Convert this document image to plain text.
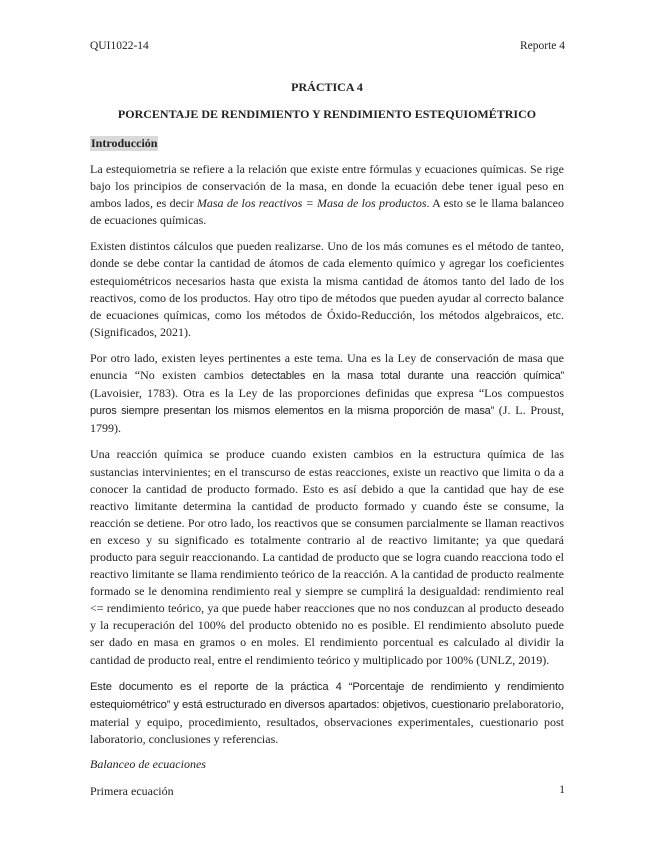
QUI1022-14	Reporte 4
PRÁCTICA 4
PORCENTAJE DE RENDIMIENTO Y RENDIMIENTO ESTEQUIOMÉTRICO
Introducción

La estequiometria se refiere a la relación que existe entre fórmulas y ecuaciones químicas. Se rige bajo los principios de conservación de la masa, en donde la ecuación debe tener igual peso en ambos lados, es decir Masa de los reactivos = Masa de los productos. A esto se le llama balanceo de ecuaciones químicas.

Existen distintos cálculos que pueden realizarse. Uno de los más comunes es el método de tanteo, donde se debe contar la cantidad de átomos de cada elemento químico y agregar los coeficientes estequiométricos necesarios hasta que exista la misma cantidad de átomos tanto del lado de los reactivos, como de los productos. Hay otro tipo de métodos que pueden ayudar al correcto balance de ecuaciones químicas, como los métodos de Óxido-Reducción, los métodos algebraicos, etc. (Significados, 2021).

Por otro lado, existen leyes pertinentes a este tema. Una es la Ley de conservación de masa que enuncia “No existen cambios detectables en la masa total durante una reacción química” (Lavoisier, 1783). Otra es la Ley de las proporciones definidas que expresa “Los compuestos puros siempre presentan los mismos elementos en la misma proporción de masa” (J. L. Proust, 1799).

Una reacción química se produce cuando existen cambios en la estructura química de las sustancias intervinientes; en el transcurso de estas reacciones, existe un reactivo que limita o da a conocer la cantidad de producto formado. Esto es así debido a que la cantidad que hay de ese reactivo limitante determina la cantidad de producto formado y cuando éste se consume, la reacción se detiene. Por otro lado, los reactivos que se consumen parcialmente se llaman reactivos en exceso y su significado es totalmente contrario al de reactivo limitante; ya que quedará producto para seguir reaccionando. La cantidad de producto que se logra cuando reacciona todo el reactivo limitante se llama rendimiento teórico de la reacción. A la cantidad de producto realmente formado se le denomina rendimiento real y siempre se cumplirá la desigualdad: rendimiento real <= rendimiento teórico, ya que puede haber reacciones que no nos conduzcan al producto deseado y la recuperación del 100% del producto obtenido no es posible. El rendimiento absoluto puede ser dado en masa en gramos o en moles. El rendimiento porcentual es calculado al dividir la cantidad de producto real, entre el rendimiento teórico y multiplicado por 100% (UNLZ, 2019).

Este documento es el reporte de la práctica 4 “Porcentaje de rendimiento y rendimiento estequiométrico” y está estructurado en diversos apartados: objetivos, cuestionario prelaboratorio, material y equipo, procedimiento, resultados, observaciones experimentales, cuestionario post laboratorio, conclusiones y referencias.

Balanceo de ecuaciones
Primera ecuación	1
